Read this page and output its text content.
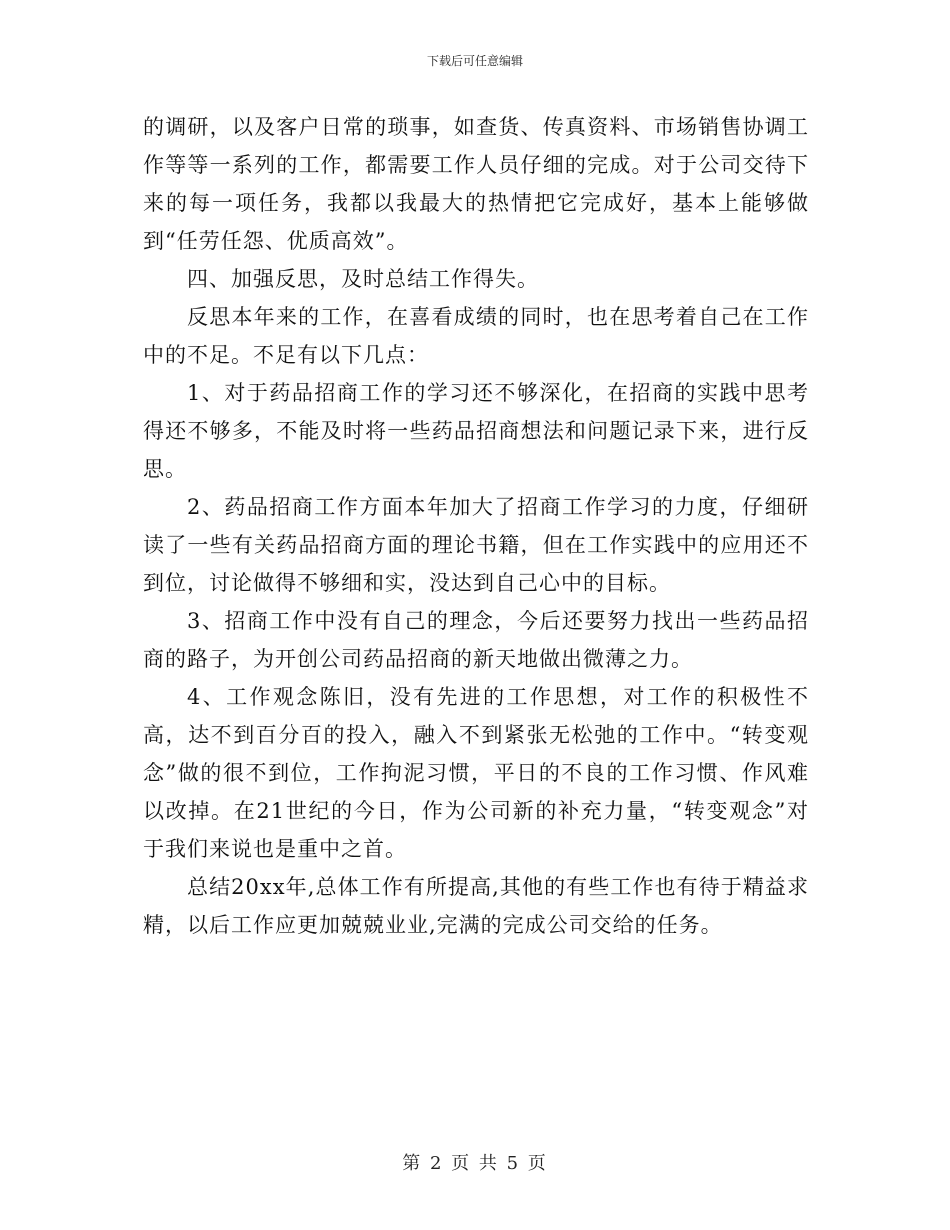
下载后可任意编辑

的调研，以及客户日常的琐事，如查货、传真资料、市场销售协调工作等等一系列的工作，都需要工作人员仔细的完成。对于公司交待下来的每一项任务，我都以我最大的热情把它完成好，基本上能够做到“任劳任怨、优质高效”。

四、加强反思，及时总结工作得失。

反思本年来的工作，在喜看成绩的同时，也在思考着自己在工作中的不足。不足有以下几点：

1、对于药品招商工作的学习还不够深化，在招商的实践中思考得还不够多，不能及时将一些药品招商想法和问题记录下来，进行反思。

2、药品招商工作方面本年加大了招商工作学习的力度，仔细研读了一些有关药品招商方面的理论书籍，但在工作实践中的应用还不到位，讨论做得不够细和实，没达到自己心中的目标。

3、招商工作中没有自己的理念，今后还要努力找出一些药品招商的路子，为开创公司药品招商的新天地做出微薄之力。

4、工作观念陈旧，没有先进的工作思想，对工作的积极性不高，达不到百分百的投入，融入不到紧张无松弛的工作中。“转变观念”做的很不到位，工作拘泥习惯，平日的不良的工作习惯、作风难以改掉。在21世纪的今日，作为公司新的补充力量，“转变观念”对于我们来说也是重中之首。

总结20xx年,总体工作有所提高,其他的有些工作也有待于精益求精，以后工作应更加兢兢业业,完满的完成公司交给的任务。

第 2 页 共 5 页
